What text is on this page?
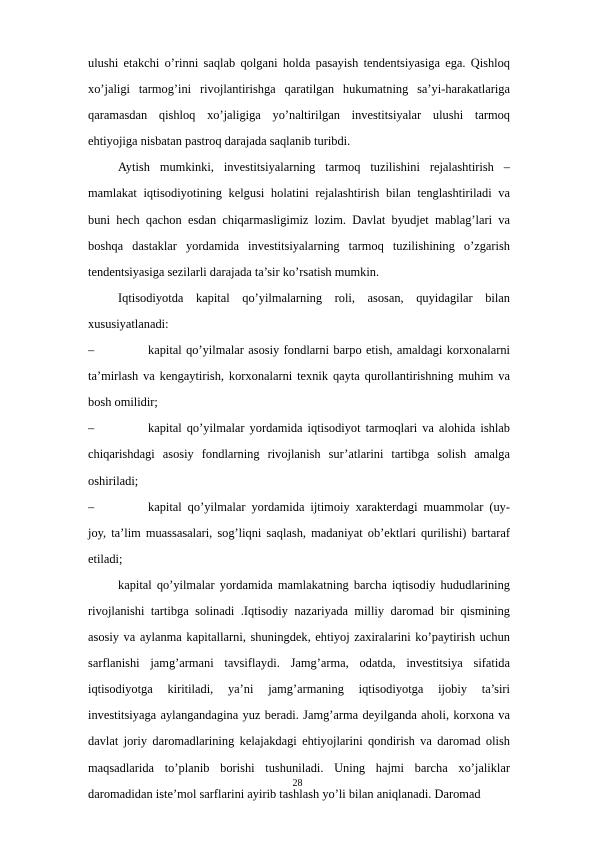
ulushi etakchi o’rinni saqlab qolgani holda pasayish tendentsiyasiga ega. Qishloq xo’jaligi tarmog’ini rivojlantirishga qaratilgan hukumatning sa’yi-harakatlariga qaramasdan qishloq xo’jaligiga yo’naltirilgan investitsiyalar ulushi tarmoq ehtiyojiga nisbatan pastroq darajada saqlanib turibdi.

Aytish mumkinki, investitsiyalarning tarmoq tuzilishini rejalashtirish – mamlakat iqtisodiyotining kelgusi holatini rejalashtirish bilan tenglashtiriladi va buni hech qachon esdan chiqarmasligimiz lozim. Davlat byudjet mablag’lari va boshqa dastaklar yordamida investitsiyalarning tarmoq tuzilishining o’zgarish tendentsiyasiga sezilarli darajada ta’sir ko’rsatish mumkin.

Iqtisodiyotda kapital qo’yilmalarning roli, asosan, quyidagilar bilan xususiyatlanadi:

–	kapital qo’yilmalar asosiy fondlarni barpo etish, amaldagi korxonalarni ta’mirlash va kengaytirish, korxonalarni texnik qayta qurollantirishning muhim va bosh omilidir;

–	kapital qo’yilmalar yordamida iqtisodiyot tarmoqlari va alohida ishlab chiqarishdagi asosiy fondlarning rivojlanish sur’atlarini tartibga solish amalga oshiriladi;

–	kapital qo’yilmalar yordamida ijtimoiy xarakterdagi muammolar (uy-joy, ta’lim muassasalari, sog’liqni saqlash, madaniyat ob’ektlari qurilishi) bartaraf etiladi;

kapital qo’yilmalar yordamida mamlakatning barcha iqtisodiy hududlarining rivojlanishi tartibga solinadi .Iqtisodiy nazariyada milliy daromad bir qismining asosiy va aylanma kapitallarni, shuningdek, ehtiyoj zaxiralarini ko’paytirish uchun sarflanishi jamg’armani tavsiflaydi. Jamg’arma, odatda, investitsiya sifatida iqtisodiyotga kiritiladi, ya’ni jamg’armaning iqtisodiyotga ijobiy ta’siri investitsiyaga aylangandagina yuz beradi. Jamg’arma deyilganda aholi, korxona va davlat joriy daromadlarining kelajakdagi ehtiyojlarini qondirish va daromad olish maqsadlarida to’planib borishi tushuniladi. Uning hajmi barcha xo’jaliklar daromadidan iste’mol sarflarini ayirib tashlash yo’li bilan aniqlanadi. Daromad

28
